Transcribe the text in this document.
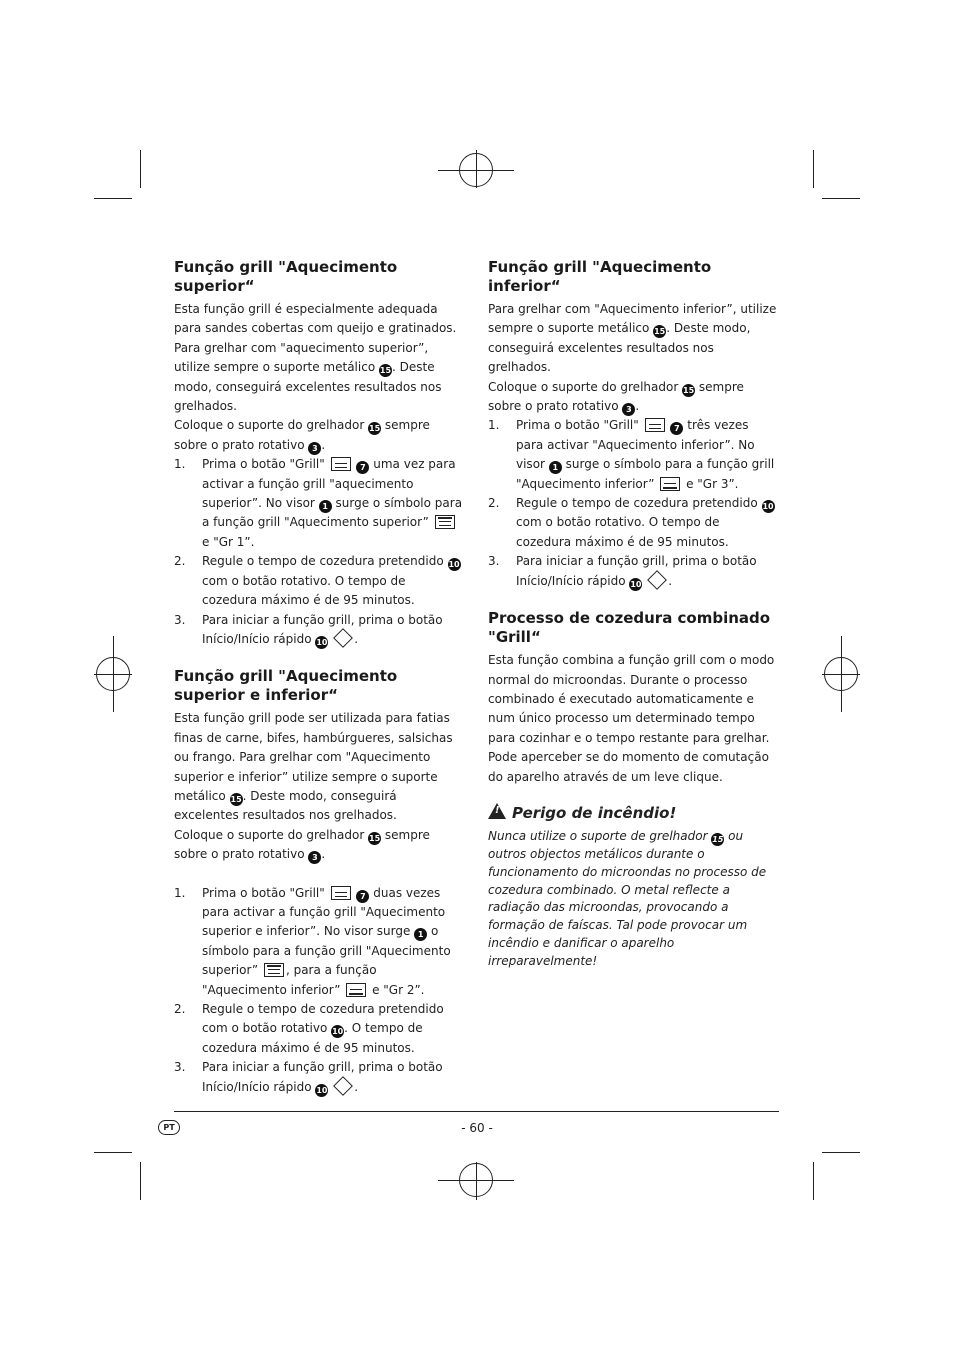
Função grill "Aquecimento superior“

Esta função grill é especialmente adequada para sandes cobertas com queijo e gratinados. Para grelhar com "aquecimento superior”, utilize sempre o suporte metálico 15. Deste modo, conseguirá excelentes resultados nos grelhados.

Coloque o suporte do grelhador 15 sempre sobre o prato rotativo 3 .

1. Prima o botão "Grill"	7 uma vez para activar a função grill "aquecimento superior”. No visor 1 surge o símbolo para a função grill "Aquecimento superior”  e "Gr 1”.
2. Regule o tempo de cozedura pretendido 10 com o botão rotativo. O tempo de cozedura máximo é de 95 minutos.
3. Para iniciar a função grill, prima o botão Início/Início rápido 10 .
Função grill "Aquecimento superior e inferior“

Esta função grill pode ser utilizada para fatias finas de carne, bifes, hambúrgueres, salsichas ou frango. Para grelhar com "Aquecimento superior e inferior” utilize sempre o suporte metálico 15. Deste modo, conseguirá excelentes resultados nos grelhados.

Coloque o suporte do grelhador 15 sempre sobre o prato rotativo 3 .

1. Prima o botão "Grill"	7 duas vezes para activar a função grill "Aquecimento superior e inferior”. No visor surge 1 o símbolo para a função grill "Aquecimento superior” , para a função "Aquecimento inferior”	e "Gr 2”.
2. Regule o tempo de cozedura pretendido com o botão rotativo 10. O tempo de cozedura máximo é de 95 minutos.
3. Para iniciar a função grill, prima o botão Início/Início rápido 10 .
Função grill "Aquecimento inferior“

Para grelhar com "Aquecimento inferior”, utilize sempre o suporte metálico 15. Deste modo, conseguirá excelentes resultados nos grelhados.

Coloque o suporte do grelhador 15 sempre sobre o prato rotativo 3 .

1. Prima o botão "Grill"	7 três vezes para activar "Aquecimento inferior”. No visor 1 surge o símbolo para a função grill "Aquecimento inferior”	e "Gr 3”.
2. Regule o tempo de cozedura pretendido 10 com o botão rotativo. O tempo de cozedura máximo é de 95 minutos.
3. Para iniciar a função grill, prima o botão Início/Início rápido 10 .
Processo de cozedura combinado "Grill“

Esta função combina a função grill com o modo normal do microondas. Durante o processo combinado é executado automaticamente e num único processo um determinado tempo para cozinhar e o tempo restante para grelhar. Pode aperceber se do momento de comutação do aparelho através de um leve clique.

!Perigo de incêndio!

Nunca utilize o suporte de grelhador 15 ou outros objectos metálicos durante o funcionamento do microondas no processo de cozedura combinado. O metal reflecte a radiação das microondas, provocando a formação de faíscas. Tal pode provocar um incêndio e danificar o aparelho irreparavelmente!

PT	- 60 -
